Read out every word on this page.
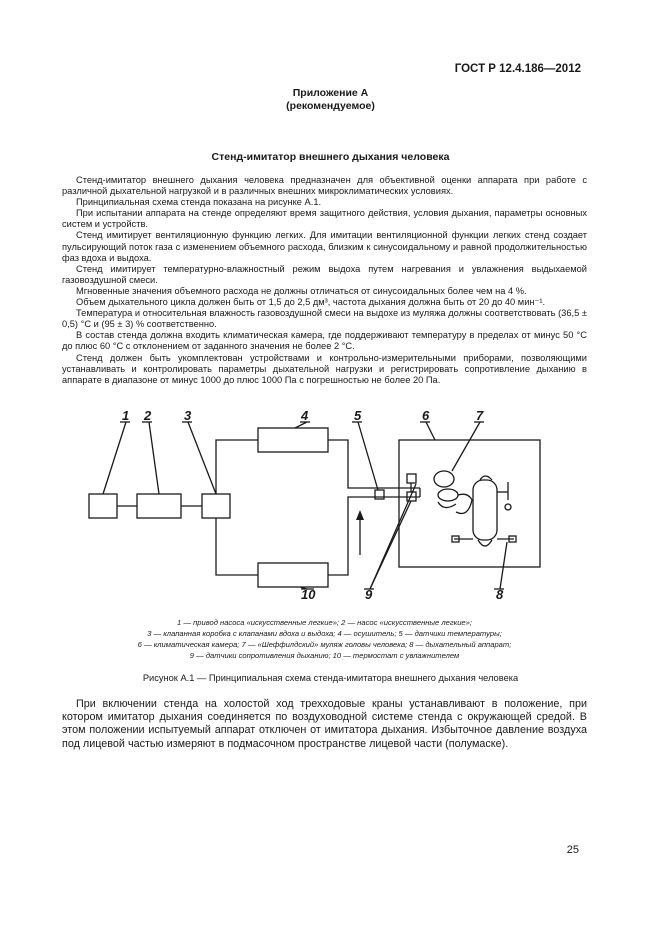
ГОСТ Р 12.4.186—2012
Приложение А
(рекомендуемое)
Стенд-имитатор внешнего дыхания человека

Стенд-имитатор внешнего дыхания человека предназначен для объективной оценки аппарата при работе с различной дыхательной нагрузкой и в различных внешних микроклиматических условиях.

Принципиальная схема стенда показана на рисунке А.1.

При испытании аппарата на стенде определяют время защитного действия, условия дыхания, параметры основных систем и устройств.

Стенд имитирует вентиляционную функцию легких. Для имитации вентиляционной функции легких стенд создает пульсирующий поток газа с изменением объемного расхода, близким к синусоидальному и равной продолжительностью фаз вдоха и выдоха.

Стенд имитирует температурно-влажностный режим выдоха путем нагревания и увлажнения выдыхаемой газовоздушной смеси.

Мгновенные значения объемного расхода не должны отличаться от синусоидальных более чем на 4 %.

Объем дыхательного цикла должен быть от 1,5 до 2,5 дм³, частота дыхания должна быть от 20 до 40 мин⁻¹.

Температура и относительная влажность газовоздушной смеси на выдохе из муляжа должны соответствовать (36,5 ± 0,5) °С и (95 ± 3) % соответственно.

В состав стенда должна входить климатическая камера, где поддерживают температуру в пределах от минус 50 °С до плюс 60 °С с отклонением от заданного значения не более 2 °С.

Стенд должен быть укомплектован устройствами и контрольно-измерительными приборами, позволяющими устанавливать и контролировать параметры дыхательной нагрузки и регистрировать сопротивление дыханию в аппарате в диапазоне от минус 1000 до плюс 1000 Па с погрешностью не более 20 Па.

1 2	3	4	5	6	7
8
9
10
1 — привод насоса «искусственные легкие»; 2 — насос «искусственные легкие»;
3 — клапанная коробка с клапанами вдоха и выдоха; 4 — осушитель; 5 — датчики температуры;
6 — климатическая камера; 7 — «Шеффилдский» муляж головы человека; 8 — дыхательный аппарат;
9 — датчики сопротивления дыханию; 10 — термостат с увлажнителем
Рисунок А.1 — Принципиальная схема стенда-имитатора внешнего дыхания человека

При включении стенда на холостой ход трехходовые краны устанавливают в положение, при котором имитатор дыхания соединяется по воздуховодной системе стенда с окружающей средой. В этом положении испытуемый аппарат отключен от имитатора дыхания. Избыточное давление воздуха под лицевой частью измеряют в подмасочном пространстве лицевой части (полумаске).

25
